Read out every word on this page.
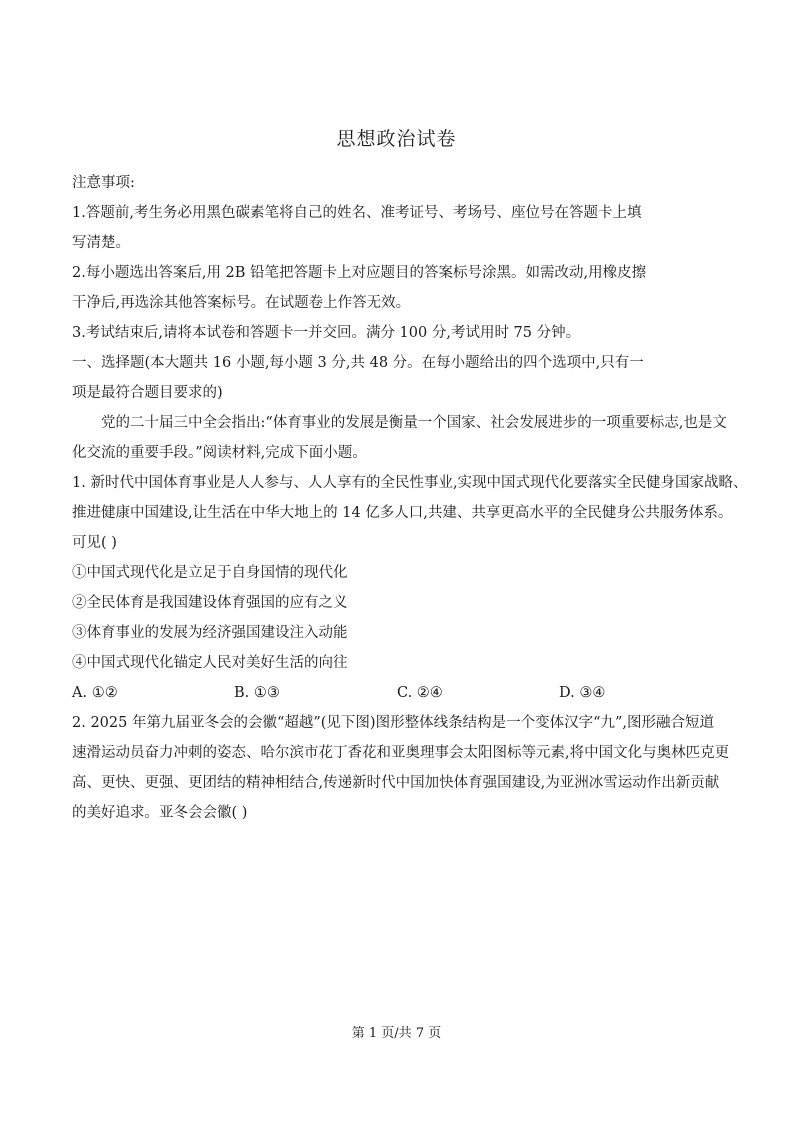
思想政治试卷
注意事项:
1.答题前,考生务必用黑色碳素笔将自己的姓名、准考证号、考场号、座位号在答题卡上填
写清楚。
2.每小题选出答案后,用 2B 铅笔把答题卡上对应题目的答案标号涂黑。如需改动,用橡皮擦
干净后,再选涂其他答案标号。在试题卷上作答无效。
3.考试结束后,请将本试卷和答题卡一并交回。满分 100 分,考试用时 75 分钟。
一、选择题(本大题共 16 小题,每小题 3 分,共 48 分。在每小题给出的四个选项中,只有一
项是最符合题目要求的)
党的二十届三中全会指出:“体育事业的发展是衡量一个国家、社会发展进步的一项重要标志,也是文
化交流的重要手段。”阅读材料,完成下面小题。
1. 新时代中国体育事业是人人参与、人人享有的全民性事业,实现中国式现代化要落实全民健身国家战略、
推进健康中国建设,让生活在中华大地上的 14 亿多人口,共建、共享更高水平的全民健身公共服务体系。
可见( )
①中国式现代化是立足于自身国情的现代化
②全民体育是我国建设体育强国的应有之义
③体育事业的发展为经济强国建设注入动能
④中国式现代化锚定人民对美好生活的向往
A. ①②	B. ①③	C. ②④	D. ③④
2. 2025 年第九届亚冬会的会徽“超越”(见下图)图形整体线条结构是一个变体汉字“九”,图形融合短道
速滑运动员奋力冲刺的姿态、哈尔滨市花丁香花和亚奥理事会太阳图标等元素,将中国文化与奥林匹克更
高、更快、更强、更团结的精神相结合,传递新时代中国加快体育强国建设,为亚洲冰雪运动作出新贡献
的美好追求。亚冬会会徽( )
第 1 页/共 7 页
